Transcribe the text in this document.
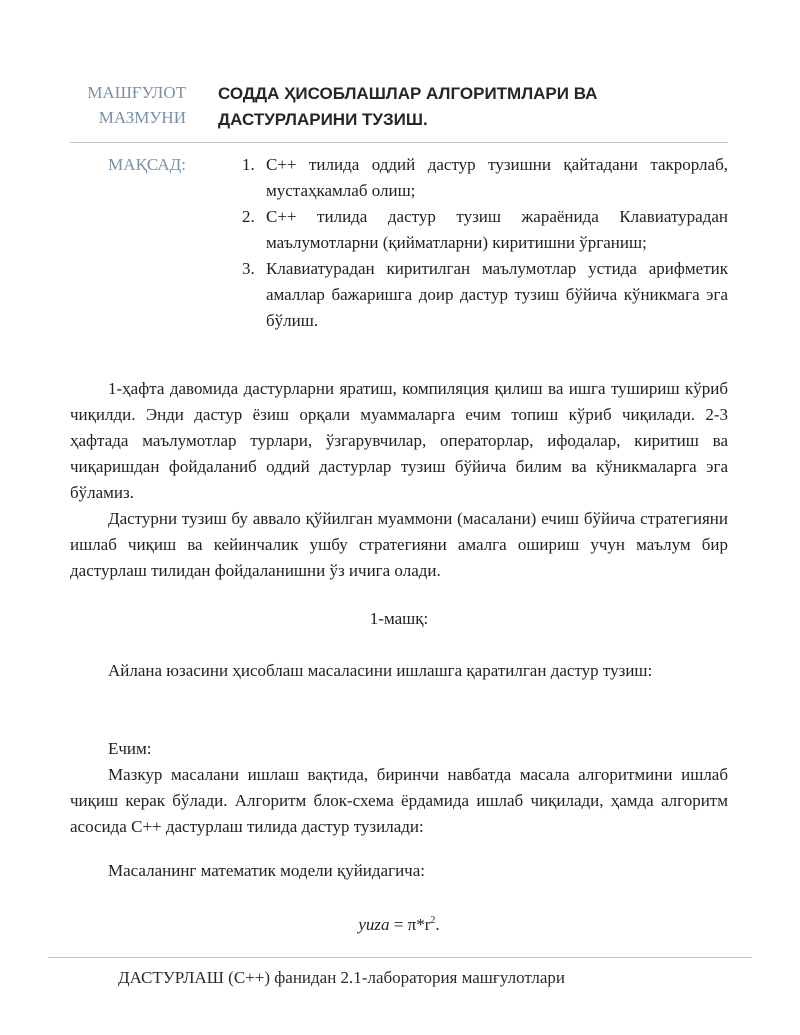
МАШҒУЛОТ
МАЗМУНИ
СОДДА ҲИСОБЛАШЛАР АЛГОРИТМЛАРИ ВА
ДАСТУРЛАРИНИ ТУЗИШ.
МАҚСАД:	1. C++ тилида оддий дастур тузишни қайтадани такрорлаб, мустаҳкамлаб олиш;
2. C++ тилида дастур тузиш жараёнида Клавиатурадан маълумотларни (қийматларни) киритишни ўрганиш;
3. Клавиатурадан киритилган маълумотлар устида арифметик амаллар бажаришга доир дастур тузиш бўйича кўникмага эга бўлиш.

1-ҳафта давомида дастурларни яратиш, компиляция қилиш ва ишга тушириш кўриб чиқилди. Энди дастур ёзиш орқали муаммаларга ечим топиш кўриб чиқилади. 2-3 ҳафтада маълумотлар турлари, ўзгарувчилар, операторлар, ифодалар, киритиш ва чиқаришдан фойдаланиб оддий дастурлар тузиш бўйича билим ва кўникмаларга эга бўламиз.

Дастурни тузиш бу аввало қўйилган муаммони (масалани) ечиш бўйича стратегияни ишлаб чиқиш ва кейинчалик ушбу стратегияни амалга ошириш учун маълум бир дастурлаш тилидан фойдаланишни ўз ичига олади.

1-машқ:

Айлана юзасини ҳисоблаш масаласини ишлашга қаратилган дастур тузиш:

Ечим:

Мазкур масалани ишлаш вақтида, биринчи навбатда масала алгоритмини ишлаб чиқиш керак бўлади. Алгоритм блок-схема ёрдамида ишлаб чиқилади, ҳамда алгоритм асосида C++ дастурлаш тилида дастур тузилади:

Масаланинг математик модели қуйидагича:

yuza = $\pi*r^2$.
ДАСТУРЛАШ (C++) фанидан 2.1-лаборатория машғулотлари
